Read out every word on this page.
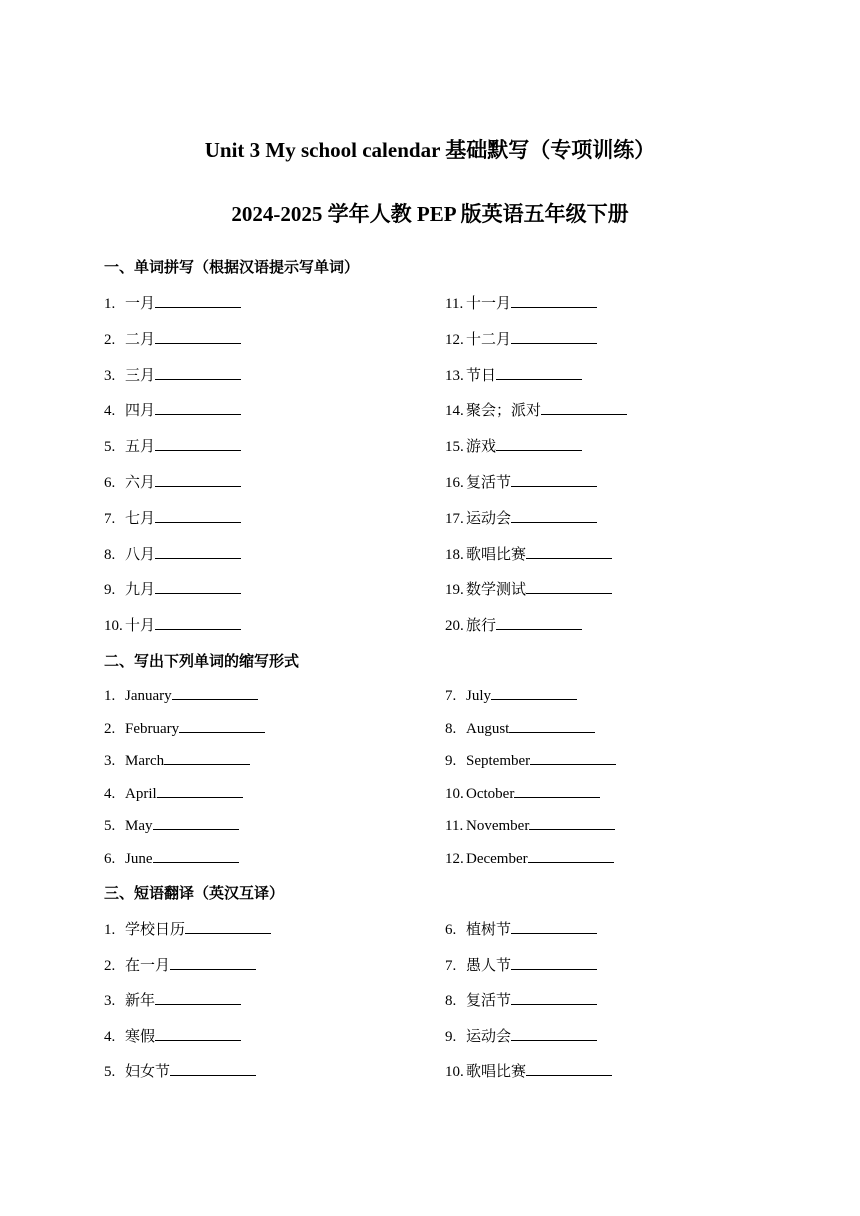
Unit 3 My school calendar 基础默写（专项训练）
2024-2025 学年人教 PEP 版英语五年级下册
一、单词拼写（根据汉语提示写单词）
二、写出下列单词的缩写形式
三、短语翻译（英汉互译）
1. 一月
2. 二月
3. 三月
4. 四月
5. 五月
6. 六月
7. 七月
8. 八月
9. 九月
10. 十月
11. 十一月
12. 十二月
13. 节日
14. 聚会；派对
15. 游戏
16. 复活节
17. 运动会
18. 歌唱比赛
19. 数学测试
20. 旅行
1. January
2. February
3. March
4. April
5. May
6. June
7. July
8. August
9. September
10. October
11. November
12. December
1. 学校日历
2. 在一月
3. 新年
4. 寒假
5. 妇女节
6. 植树节
7. 愚人节
8. 复活节
9. 运动会
10. 歌唱比赛
